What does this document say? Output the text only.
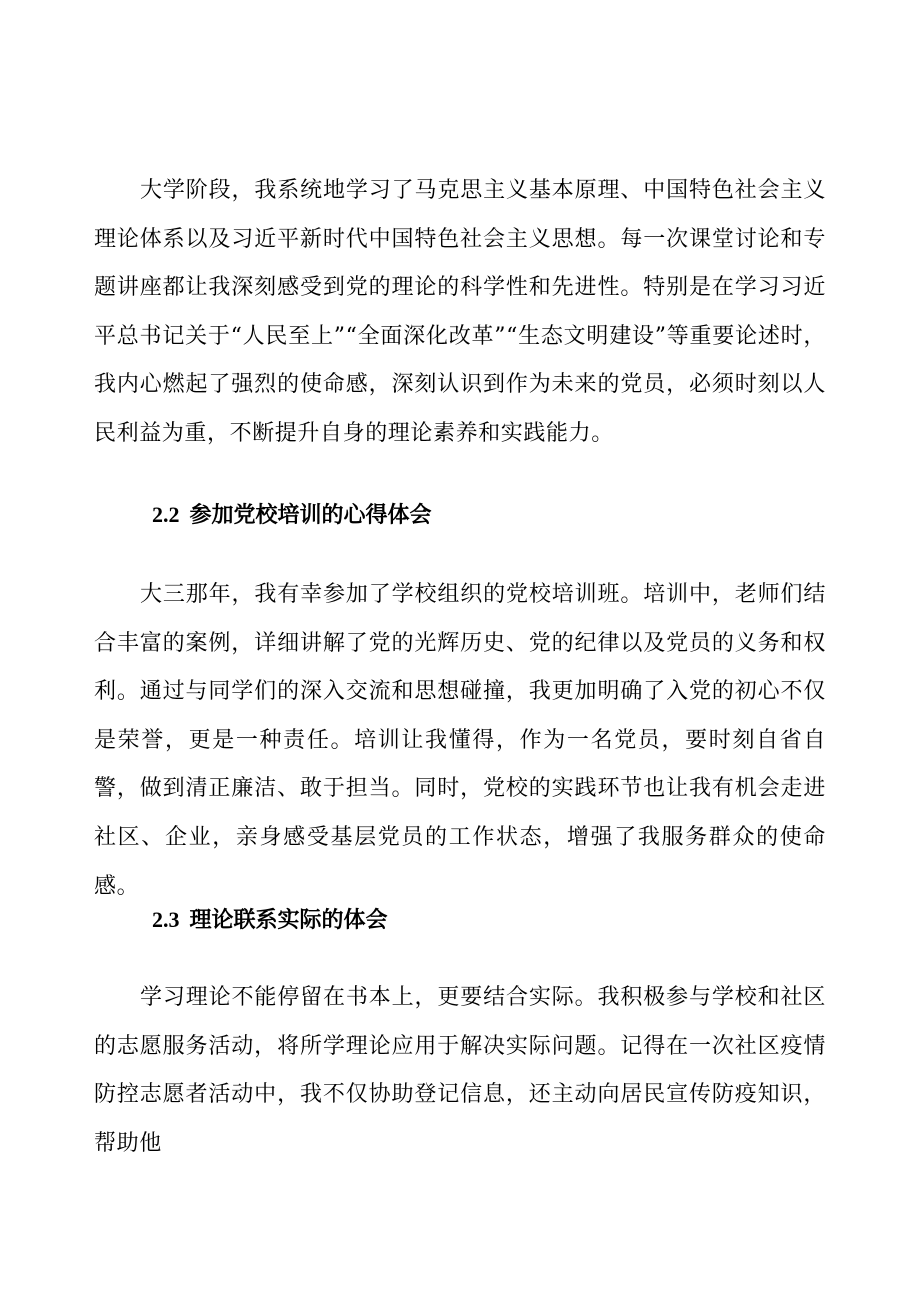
大学阶段，我系统地学习了马克思主义基本原理、中国特色社会主义理论体系以及习近平新时代中国特色社会主义思想。每一次课堂讨论和专题讲座都让我深刻感受到党的理论的科学性和先进性。特别是在学习习近平总书记关于“人民至上”“全面深化改革”“生态文明建设”等重要论述时，我内心燃起了强烈的使命感，深刻认识到作为未来的党员，必须时刻以人民利益为重，不断提升自身的理论素养和实践能力。

2.2 参加党校培训的心得体会

大三那年，我有幸参加了学校组织的党校培训班。培训中，老师们结合丰富的案例，详细讲解了党的光辉历史、党的纪律以及党员的义务和权利。通过与同学们的深入交流和思想碰撞，我更加明确了入党的初心不仅是荣誉，更是一种责任。培训让我懂得，作为一名党员，要时刻自省自警，做到清正廉洁、敢于担当。同时，党校的实践环节也让我有机会走进社区、企业，亲身感受基层党员的工作状态，增强了我服务群众的使命感。

2.3 理论联系实际的体会

学习理论不能停留在书本上，更要结合实际。我积极参与学校和社区的志愿服务活动，将所学理论应用于解决实际问题。记得在一次社区疫情防控志愿者活动中，我不仅协助登记信息，还主动向居民宣传防疫知识，帮助他
